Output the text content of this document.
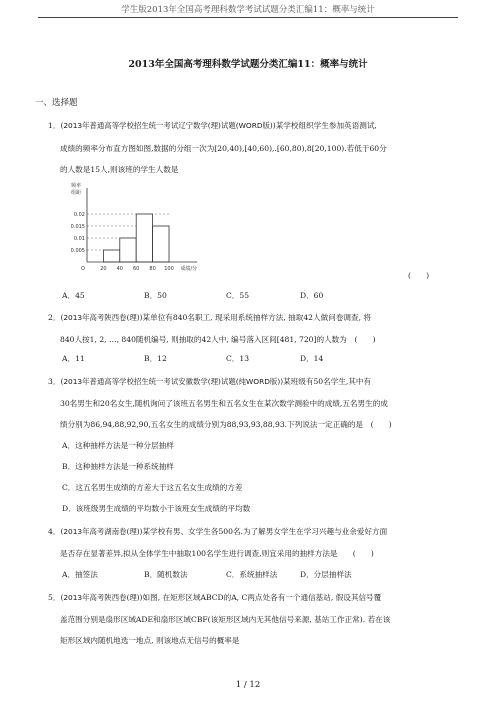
学生版2013年全国高考理科数学考试试题分类汇编11：概率与统计
2013年全国高考理科数学试题分类汇编11：概率与统计
一、选择题
1．(2013年普通高等学校招生统一考试辽宁数学(理)试题(WORD版))某学校组织学生参加英语测试,
成绩的频率分布直方图如图,数据的分组一次为[20,40),[40,60),.[60,80),8[20,100).若低于60分
的人数是15人,则该班的学生人数是
0.005
0.01
0.015
0.02
20 40 60 80 100
O
频率
组距
成绩/分
(　　)
A．45	B．50	C．55	D．60
2．(2013年高考陕西卷(理))某单位有840名职工, 现采用系统抽样方法, 抽取42人做问卷调查, 将
840人按1, 2, …, 840随机编号, 则抽取的42人中, 编号落入区间[481, 720]的人数为　(　　)
A．11	B．12	C．13	D．14
3．(2013年普通高等学校招生统一考试安徽数学(理)试题(纯WORD版))某班级有50名学生,其中有
30名男生和20名女生,随机询问了该班五名男生和五名女生在某次数学测验中的成绩,五名男生的成
绩分别为86,94,88,92,90,五名女生的成绩分别为88,93,93,88,93.下列说法一定正确的是　(　　)
A．这种抽样方法是一种分层抽样
B．这种抽样方法是一种系统抽样
C．这五名男生成绩的方差大于这五名女生成绩的方差
D．该班级男生成绩的平均数小于该班女生成绩的平均数
4．(2013年高考湖南卷(理))某学校有男、女学生各500名.为了解男女学生在学习兴趣与业余爱好方面
是否存在显著差异,拟从全体学生中抽取100名学生进行调查,则宜采用的抽样方法是　　(　　)
A．抽签法	B．随机数法	C．系统抽样法	D．分层抽样法
5．(2013年高考陕西卷(理))如图, 在矩形区域ABCD的A, C两点处各有一个通信基站, 假设其信号覆
盖范围分别是扇形区域ADE和扇形区域CBF(该矩形区域内无其他信号来源, 基站工作正常). 若在该
矩形区域内随机地选一地点, 则该地点无信号的概率是
1 / 12
